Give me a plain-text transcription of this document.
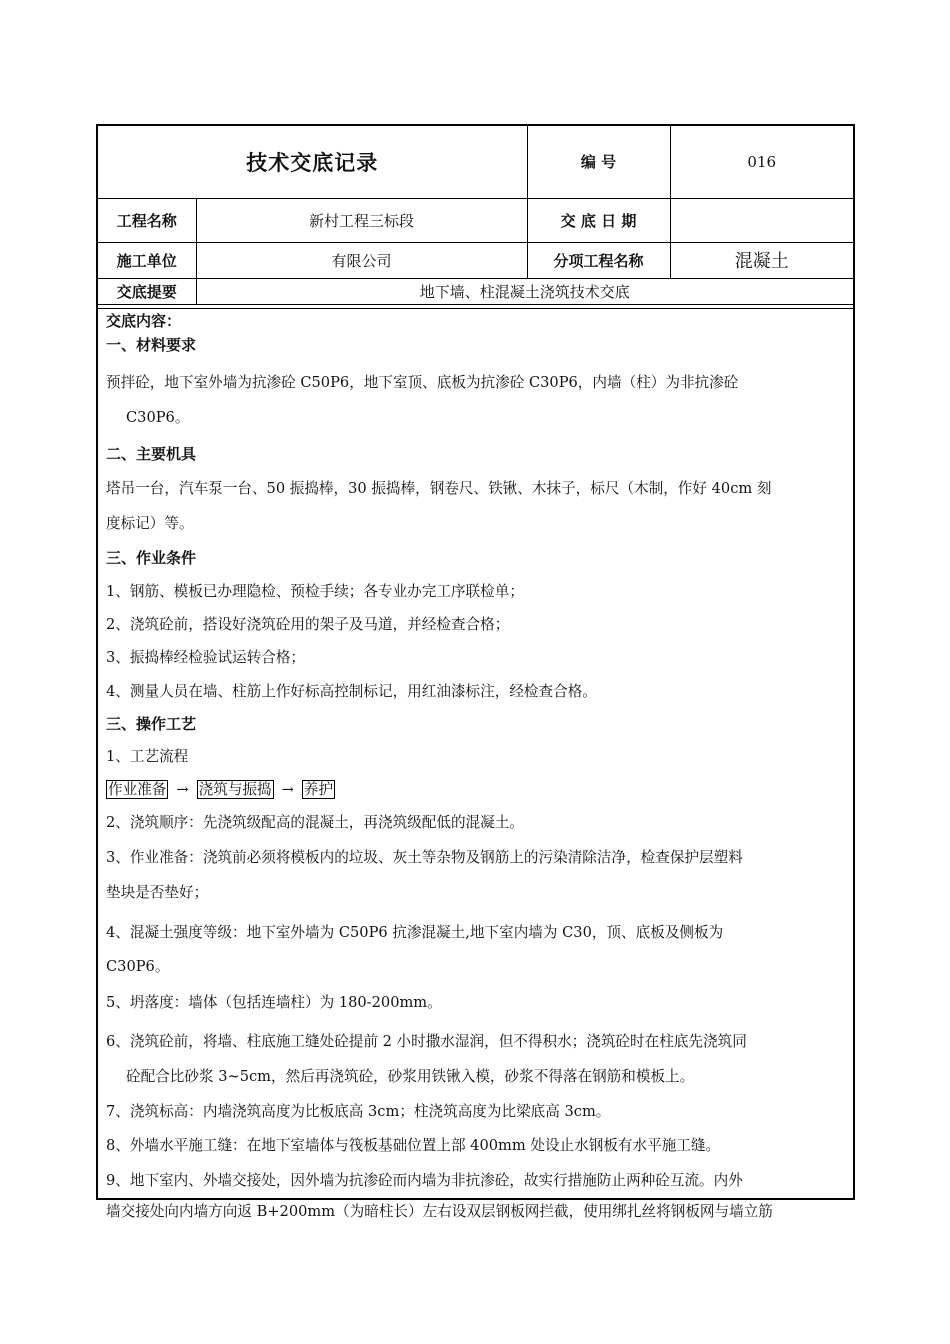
技术交底记录		编 号	016
工程名称	新村工程三标段	交 底 日 期	
施工单位	有限公司	分项工程名称	混凝土
交底提要	地下墙、柱混凝土浇筑技术交底		
交底内容：
一、材料要求
预拌砼，地下室外墙为抗渗砼 C50P6，地下室顶、底板为抗渗砼 C30P6，内墙（柱）为非抗渗砼
C30P6。
二、主要机具
塔吊一台，汽车泵一台、50 振捣棒，30 振捣棒，钢卷尺、铁锹、木抹子，标尺（木制，作好 40cm 刻
度标记）等。
三、作业条件
1、钢筋、模板已办理隐检、预检手续；各专业办完工序联检单；
2、浇筑砼前，搭设好浇筑砼用的架子及马道，并经检查合格；
3、振捣棒经检验试运转合格；
4、测量人员在墙、柱筋上作好标高控制标记，用红油漆标注，经检查合格。
三、操作工艺
1、工艺流程
作业准备 → 浇筑与振捣 → 养护
2、浇筑顺序：先浇筑级配高的混凝土，再浇筑级配低的混凝土。
3、作业准备：浇筑前必须将模板内的垃圾、灰土等杂物及钢筋上的污染清除洁净，检查保护层塑料
垫块是否垫好；
4、混凝土强度等级：地下室外墙为 C50P6 抗渗混凝土,地下室内墙为 C30，顶、底板及侧板为
C30P6。
5、坍落度：墙体（包括连墙柱）为 180-200mm。
6、浇筑砼前，将墙、柱底施工缝处砼提前 2 小时撒水湿润，但不得积水；浇筑砼时在柱底先浇筑同
砼配合比砂浆 3~5cm，然后再浇筑砼，砂浆用铁锹入模，砂浆不得落在钢筋和模板上。
7、浇筑标高：内墙浇筑高度为比板底高 3cm；柱浇筑高度为比梁底高 3cm。
8、外墙水平施工缝：在地下室墙体与筏板基础位置上部 400mm 处设止水钢板有水平施工缝。
9、地下室内、外墙交接处，因外墙为抗渗砼而内墙为非抗渗砼，故实行措施防止两种砼互流。内外
墙交接处向内墙方向返 B+200mm（为暗柱长）左右设双层钢板网拦截，使用绑扎丝将钢板网与墙立筋
